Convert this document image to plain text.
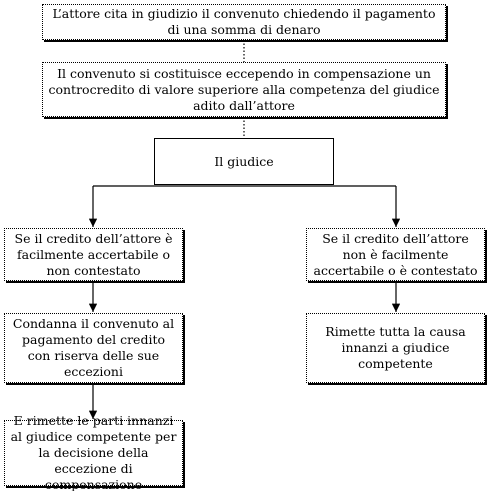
L’attore cita in giudizio il convenuto chiedendo il pagamento di una somma di denaro
Il convenuto si costituisce eccependo in compensazione un controcredito di valore superiore alla competenza del giudice adito dall’attore
Il giudice
Se il credito dell’attore è facilmente accertabile o non contestato
Se il credito dell’attore non è facilmente accertabile o è contestato
Condanna il convenuto al pagamento del credito con riserva delle sue eccezioni
Rimette tutta la causa innanzi a giudice competente
E rimette le parti innanzi al giudice competente per la decisione della eccezione di compensazione
